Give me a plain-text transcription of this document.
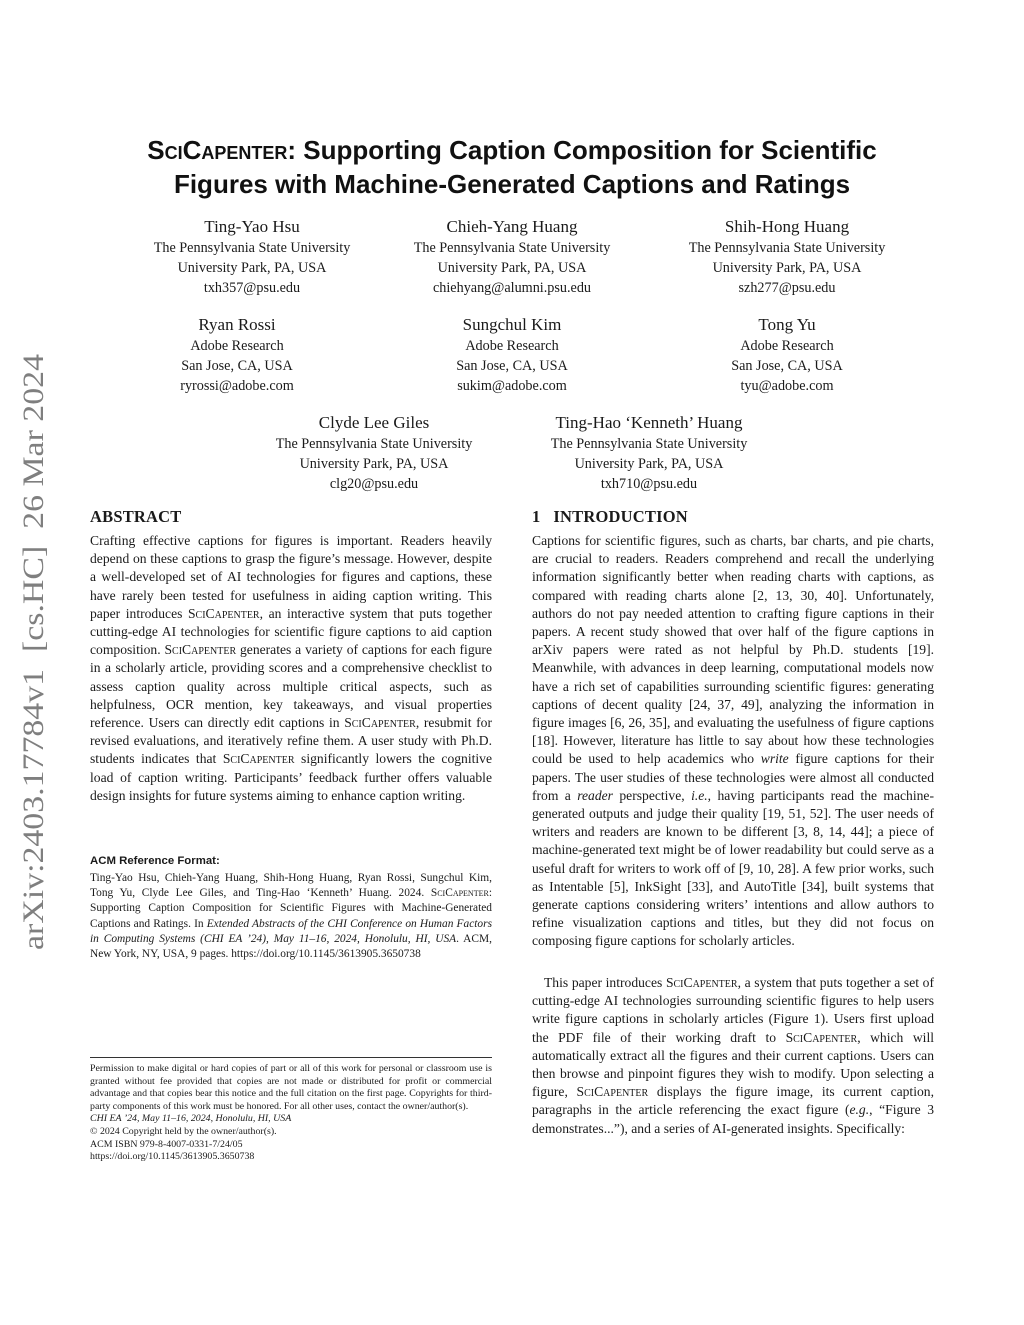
arXiv:2403.17784v1  [cs.HC]  26 Mar 2024
SciCapenter: Supporting Caption Composition for Scientific
Figures with Machine-Generated Captions and Ratings
Ting-Yao Hsu
The Pennsylvania State University
University Park, PA, USA
txh357@psu.edu
Chieh-Yang Huang
The Pennsylvania State University
University Park, PA, USA
chiehyang@alumni.psu.edu
Shih-Hong Huang
The Pennsylvania State University
University Park, PA, USA
szh277@psu.edu
Ryan Rossi
Adobe Research
San Jose, CA, USA
ryrossi@adobe.com
Sungchul Kim
Adobe Research
San Jose, CA, USA
sukim@adobe.com
Tong Yu
Adobe Research
San Jose, CA, USA
tyu@adobe.com
Clyde Lee Giles
The Pennsylvania State University
University Park, PA, USA
clg20@psu.edu
Ting-Hao ‘Kenneth’ Huang
The Pennsylvania State University
University Park, PA, USA
txh710@psu.edu
ABSTRACT

Crafting effective captions for figures is important. Readers heavily depend on these captions to grasp the figure’s message. However, despite a well-developed set of AI technologies for figures and captions, these have rarely been tested for usefulness in aiding caption writing. This paper introduces SciCapenter, an interactive system that puts together cutting-edge AI technologies for scientific figure captions to aid caption composition. SciCapenter generates a variety of captions for each figure in a scholarly article, providing scores and a comprehensive checklist to assess caption quality across multiple critical aspects, such as helpfulness, OCR mention, key takeaways, and visual properties reference. Users can directly edit captions in SciCapenter, resubmit for revised evaluations, and iteratively refine them. A user study with Ph.D. students indicates that SciCapenter significantly lowers the cognitive load of caption writing. Participants’ feedback further offers valuable design insights for future systems aiming to enhance caption writing.

ACM Reference Format:

Ting-Yao Hsu, Chieh-Yang Huang, Shih-Hong Huang, Ryan Rossi, Sungchul Kim, Tong Yu, Clyde Lee Giles, and Ting-Hao ‘Kenneth’ Huang. 2024. SciCapenter: Supporting Caption Composition for Scientific Figures with Machine-Generated Captions and Ratings. In Extended Abstracts of the CHI Conference on Human Factors in Computing Systems (CHI EA ’24), May 11–16, 2024, Honolulu, HI, USA. ACM, New York, NY, USA, 9 pages. https://doi.org/10.1145/3613905.3650738

Permission to make digital or hard copies of part or all of this work for personal or classroom use is granted without fee provided that copies are not made or distributed for profit or commercial advantage and that copies bear this notice and the full citation on the first page. Copyrights for third-party components of this work must be honored. For all other uses, contact the owner/author(s).

CHI EA ’24, May 11–16, 2024, Honolulu, HI, USA
© 2024 Copyright held by the owner/author(s).
ACM ISBN 979-8-4007-0331-7/24/05
https://doi.org/10.1145/3613905.3650738
1   INTRODUCTION

Captions for scientific figures, such as charts, bar charts, and pie charts, are crucial to readers. Readers comprehend and recall the underlying information significantly better when reading charts with captions, as compared with reading charts alone [2, 13, 30, 40]. Unfortunately, authors do not pay needed attention to crafting figure captions in their papers. A recent study showed that over half of the figure captions in arXiv papers were rated as not helpful by Ph.D. students [19]. Meanwhile, with advances in deep learning, computational models now have a rich set of capabilities surrounding scientific figures: generating captions of decent quality [24, 37, 49], analyzing the information in figure images [6, 26, 35], and evaluating the usefulness of figure captions [18]. However, literature has little to say about how these technologies could be used to help academics who write figure captions for their papers. The user studies of these technologies were almost all conducted from a reader perspective, i.e., having participants read the machine-generated outputs and judge their quality [19, 51, 52]. The user needs of writers and readers are known to be different [3, 8, 14, 44]; a piece of machine-generated text might be of lower readability but could serve as a useful draft for writers to work off of [9, 10, 28]. A few prior works, such as Intentable [5], InkSight [33], and AutoTitle [34], built systems that generate captions considering writers’ intentions and allow authors to refine visualization captions and titles, but they did not focus on composing figure captions for scholarly articles.

This paper introduces SciCapenter, a system that puts together a set of cutting-edge AI technologies surrounding scientific figures to help users write figure captions in scholarly articles (Figure 1). Users first upload the PDF file of their working draft to SciCapenter, which will automatically extract all the figures and their current captions. Users can then browse and pinpoint figures they wish to modify. Upon selecting a figure, SciCapenter displays the figure image, its current caption, paragraphs in the article referencing the exact figure (e.g., “Figure 3 demonstrates...”), and a series of AI-generated insights. Specifically:
